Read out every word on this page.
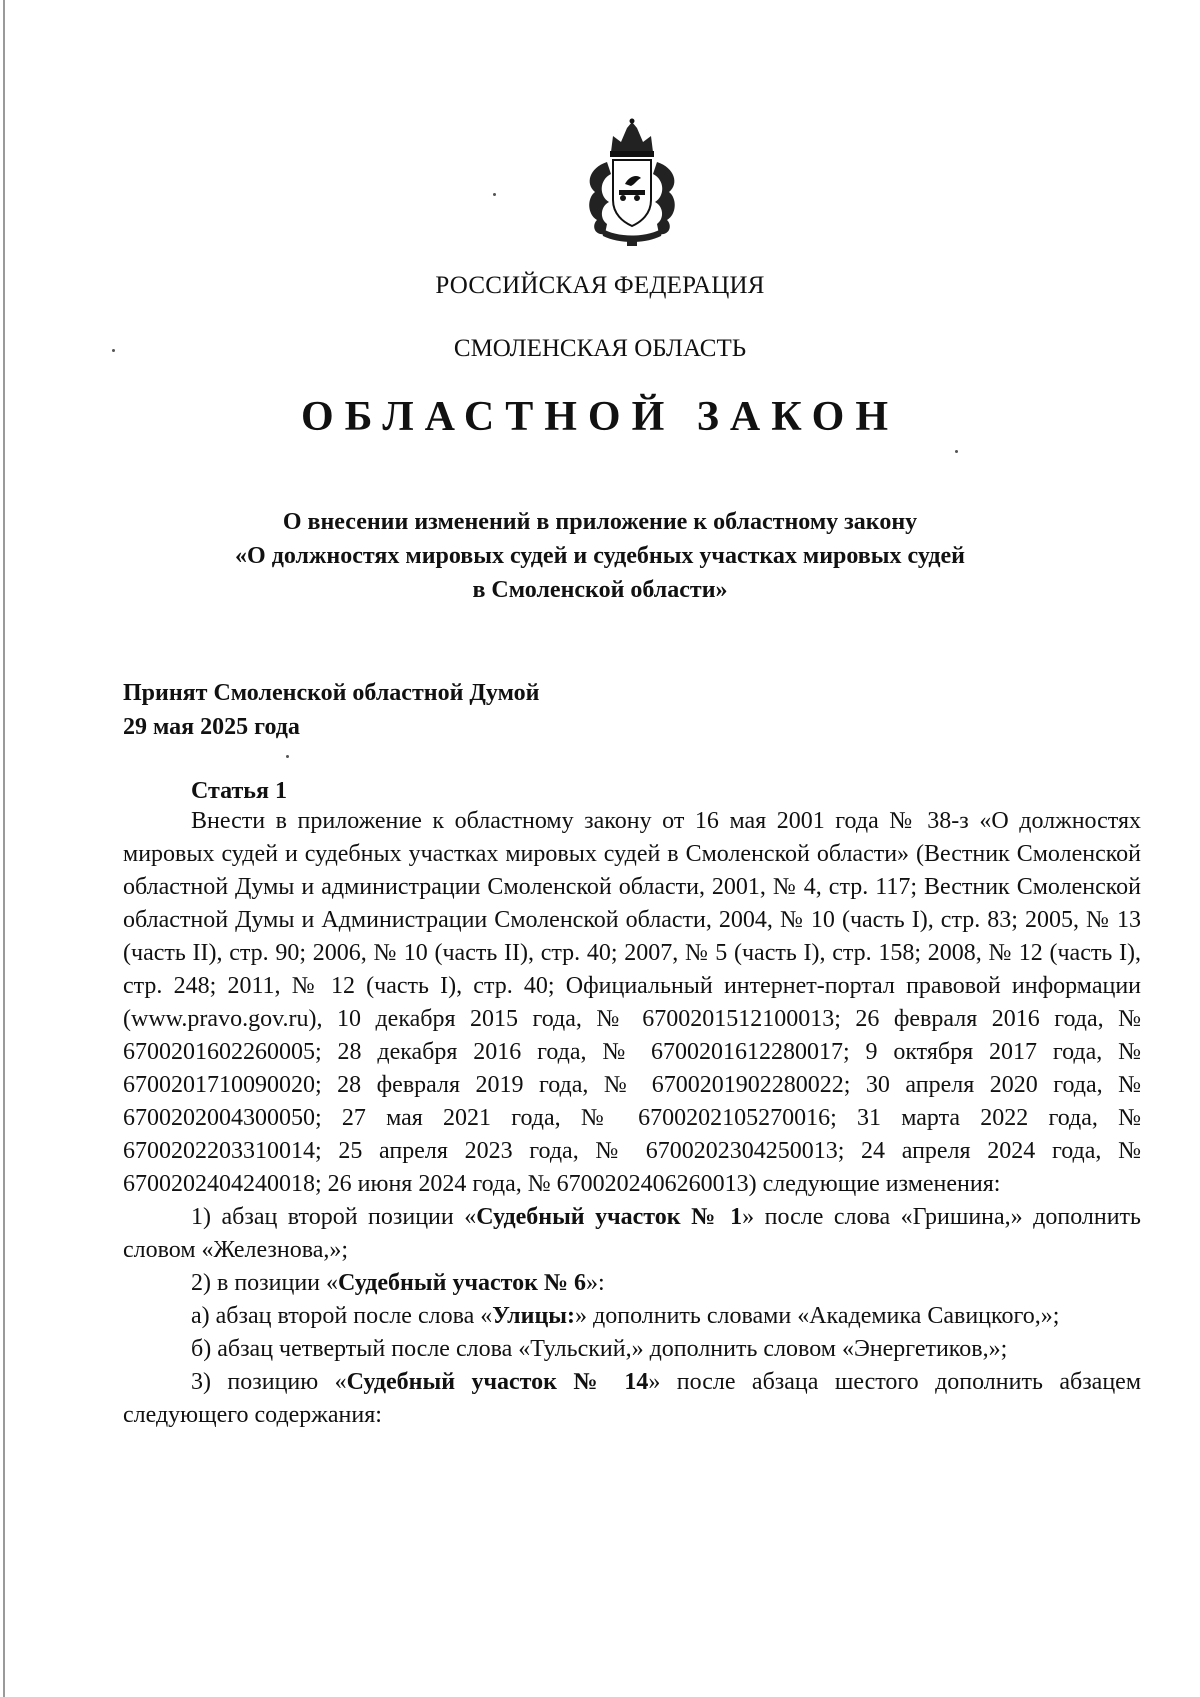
РОССИЙСКАЯ ФЕДЕРАЦИЯ
СМОЛЕНСКАЯ ОБЛАСТЬ
ОБЛАСТНОЙ ЗАКОН
О внесении изменений в приложение к областному закону
«О должностях мировых судей и судебных участках мировых судей
в Смоленской области»
Принят Смоленской областной Думой
29 мая 2025 года
Статья 1

Внести в приложение к областному закону от 16 мая 2001 года № 38-з «О должностях мировых судей и судебных участках мировых судей в Смоленской области» (Вестник Смоленской областной Думы и администрации Смоленской области, 2001, № 4, стр. 117; Вестник Смоленской областной Думы и Администрации Смоленской области, 2004, № 10 (часть I), стр. 83; 2005, № 13 (часть II), стр. 90; 2006, № 10 (часть II), стр. 40; 2007, № 5 (часть I), стр. 158; 2008, № 12 (часть I), стр. 248; 2011, № 12 (часть I), стр. 40; Официальный интернет-портал правовой информации (www.pravo.gov.ru), 10 декабря 2015 года, № 6700201512100013; 26 февраля 2016 года, № 6700201602260005; 28 декабря 2016 года, № 6700201612280017; 9 октября 2017 года, № 6700201710090020; 28 февраля 2019 года, № 6700201902280022; 30 апреля 2020 года, № 6700202004300050; 27 мая 2021 года, № 6700202105270016; 31 марта 2022 года, № 6700202203310014; 25 апреля 2023 года, № 6700202304250013; 24 апреля 2024 года, № 6700202404240018; 26 июня 2024 года, № 6700202406260013) следующие изменения:

1) абзац второй позиции «Судебный участок № 1» после слова «Гришина,» дополнить словом «Железнова,»;

2) в позиции «Судебный участок № 6»:

а) абзац второй после слова «Улицы:» дополнить словами «Академика Савицкого,»;

б) абзац четвертый после слова «Тульский,» дополнить словом «Энергетиков,»;

3) позицию «Судебный участок № 14» после абзаца шестого дополнить абзацем следующего содержания:
